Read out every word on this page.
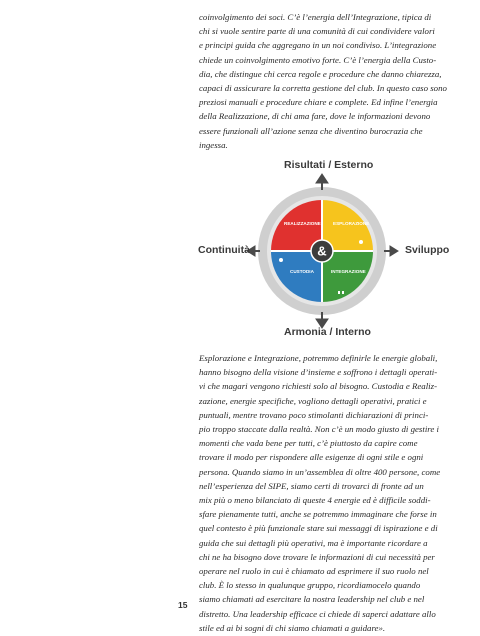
coinvolgimento dei soci. C’è l’energia dell’Integrazione, tipica di
chi si vuole sentire parte di una comunità di cui condividere valori
e principi guida che aggregano in un noi condiviso. L’integrazione
chiede un coinvolgimento emotivo forte. C’è l’energia della Custo-
dia, che distingue chi cerca regole e procedure che danno chiarezza,
capaci di assicurare la corretta gestione del club. In questo caso sono
preziosi manuali e procedure chiare e complete. Ed infine l’energia
della Realizzazione, di chi ama fare, dove le informazioni devono
essere funzionali all’azione senza che diventino burocrazia che
ingessa.
&
Risultati / Esterno
Armonia / Interno
Continuità	Sviluppo
REALIZZAZIONE	ESPLORAZIONE
CUSTODIA	INTEGRAZIONE
Esplorazione e Integrazione, potremmo definirle le energie globali,
hanno bisogno della visione d’insieme e soffrono i dettagli operati-
vi che magari vengono richiesti solo al bisogno. Custodia e Realiz-
zazione, energie specifiche, vogliono dettagli operativi, pratici e
puntuali, mentre trovano poco stimolanti dichiarazioni di princi-
pio troppo staccate dalla realtà. Non c’è un modo giusto di gestire i
momenti che vada bene per tutti, c’è piuttosto da capire come
trovare il modo per rispondere alle esigenze di ogni stile e ogni
persona. Quando siamo in un’assemblea di oltre 400 persone, come
nell’esperienza del SIPE, siamo certi di trovarci di fronte ad un
mix più o meno bilanciato di queste 4 energie ed è difficile soddi-
sfare pienamente tutti, anche se potremmo immaginare che forse in
quel contesto è più funzionale stare sui messaggi di ispirazione e di
guida che sui dettagli più operativi, ma è importante ricordare a
chi ne ha bisogno dove trovare le informazioni di cui necessità per
operare nel ruolo in cui è chiamato ad esprimere il suo ruolo nel
club. È lo stesso in qualunque gruppo, ricordiamocelo quando
siamo chiamati ad esercitare la nostra leadership nel club e nel
distretto. Una leadership efficace ci chiede di saperci adattare allo
stile ed ai bi sogni di chi siamo chiamati a guidare».
15
